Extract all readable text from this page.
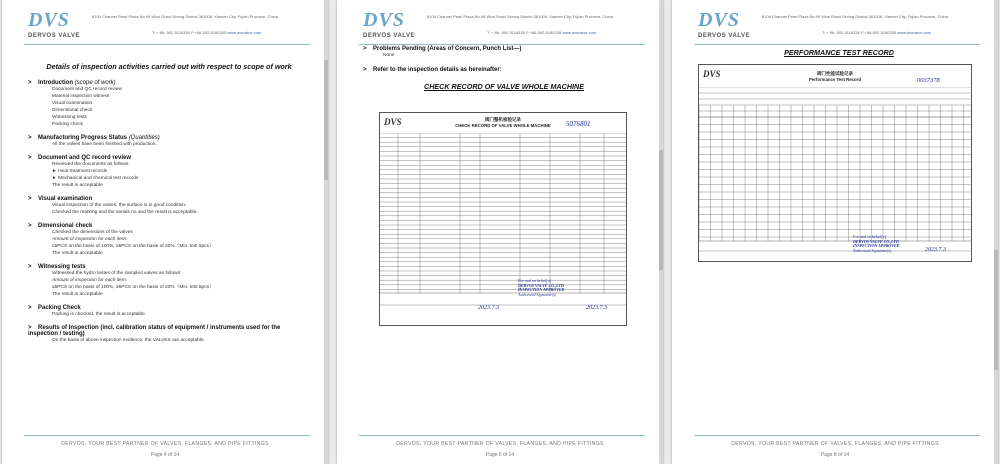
DVS
DERVOS VALVE
8104 Channel Pearl Plaza,No.99 Wuxi Road Siming District,361008, Xiamen City, Fujian Province, China
T: + 86- 592-5116336 F:+86-592-5180335 www.dvsvalve.com
Details of inspection activities carried out with respect to scope of work
> Introduction (scope of work)
Document and QC record review
Material inspection witness
Visual examination
Dimensional check
Witnessing tests
Packing check
> Manufacturing Progress Status (Quantities)
All the valves have been finished with production.
> Document and QC record review
Reviewed the documents as follows.
► Heat treatment records
► Mechanical and chemical test records
The result is acceptable
> Visual examination
Visual inspection of the valves, the surface is in good condition.
Checked the marking and the serials no and the result is acceptable.
> Dimensional check
Checked the dimensions of the valves
Amount of inspection for each item:
≤5PCS on the basis of 100%, ≥5PCS on the basis of 20%（Min. test 5pcs）
The result is acceptable
> Witnessing tests
Witnessed the hydro testes of the sampled valves as follows:
Amount of inspection for each item:
≤5PCS on the basis of 100%, ≥5PCS on the basis of 20%（Min. test 5pcs）
The result is acceptable
> Packing Check
Packing is checked, the result is acceptable
> Results of Inspection (incl. calibration status of equipment / instruments used for the inspection / testing)
On the basis of above inspection evidence, the VALVES are acceptable.
DERVOS, YOUR BEST PARTNER OF VALVES, FLANGES, AND PIPE FITTINGS
Page 4 of 14
DVS
DERVOS VALVE
8104 Channel Pearl Plaza,No.99 Wuxi Road Siming District,361008, Xiamen City, Fujian Province, China
T: + 86- 592-5116336 F:+86-592-5180335 www.dvsvalve.com
> Problems Pending (Areas of Concern, Punch List—)
None
> Refer to the inspection details as hereinafter:
CHECK RECORD OF VALVE WHOLE MACHINE
DVS	阀门整机检验记录
CHECK RECORD OF VALVE WHOLE MACHINE	5076801
For and on behalf of
DERVOS VALVE CO.,LTD
INSPECTION APPROVED
Authorized Signature(s)
2023.7.3	2023.7.3
DERVOS, YOUR BEST PARTNER OF VALVES, FLANGES, AND PIPE FITTINGS
Page 6 of 14
DVS
DERVOS VALVE
8104 Channel Pearl Plaza,No.99 Wuxi Road Siming District,361008, Xiamen City, Fujian Province, China
T: + 86- 592-5116336 F:+86-592-5180335 www.dvsvalve.com
PERFORMANCE TEST RECORD
DVS	阀门性能试验记录
Performance Test Record	0037378
For and on behalf of
DERVOS VALVE CO.,LTD
INSPECTION APPROVED
Authorized Signature(s)	2023.7.3
DERVOS, YOUR BEST PARTNER OF VALVES, FLANGES, AND PIPE FITTINGS
Page 8 of 14
